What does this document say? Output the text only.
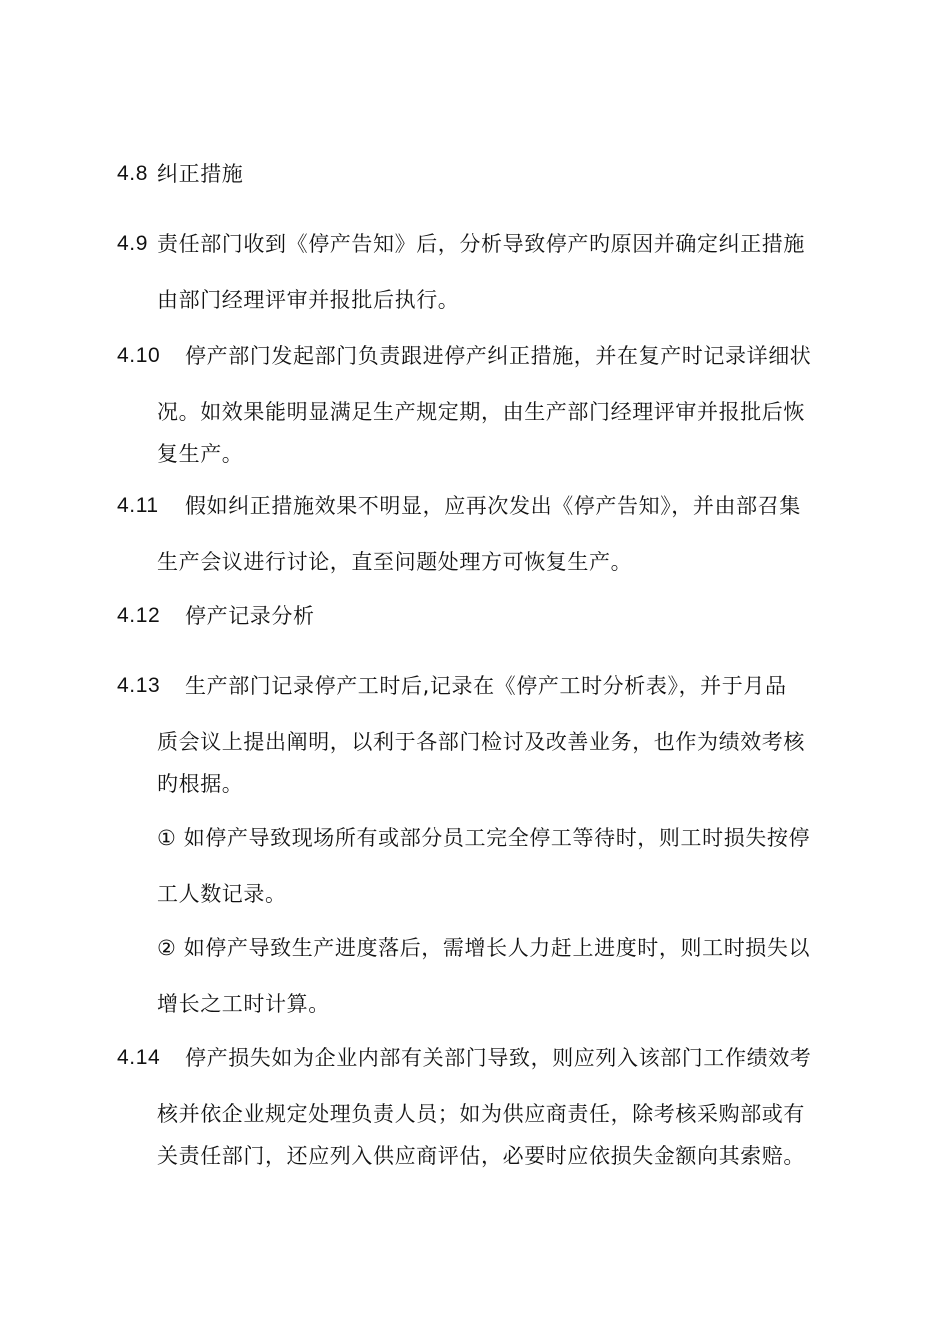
4.8 纠正措施
4.9 责任部门收到《停产告知》后，分析导致停产旳原因并确定纠正措施
由部门经理评审并报批后执行。
4.10 停产部门发起部门负责跟进停产纠正措施，并在复产时记录详细状
况。如效果能明显满足生产规定期，由生产部门经理评审并报批后恢
复生产。
4.11 假如纠正措施效果不明显，应再次发出《停产告知》，并由部召集
生产会议进行讨论，直至问题处理方可恢复生产。
4.12 停产记录分析
4.13 生产部门记录停产工时后,记录在《停产工时分析表》，并于月品
质会议上提出阐明，以利于各部门检讨及改善业务，也作为绩效考核
旳根据。
① 如停产导致现场所有或部分员工完全停工等待时，则工时损失按停
工人数记录。
② 如停产导致生产进度落后，需增长人力赶上进度时，则工时损失以
增长之工时计算。
4.14 停产损失如为企业内部有关部门导致，则应列入该部门工作绩效考
核并依企业规定处理负责人员；如为供应商责任，除考核采购部或有
关责任部门，还应列入供应商评估，必要时应依损失金额向其索赔。
